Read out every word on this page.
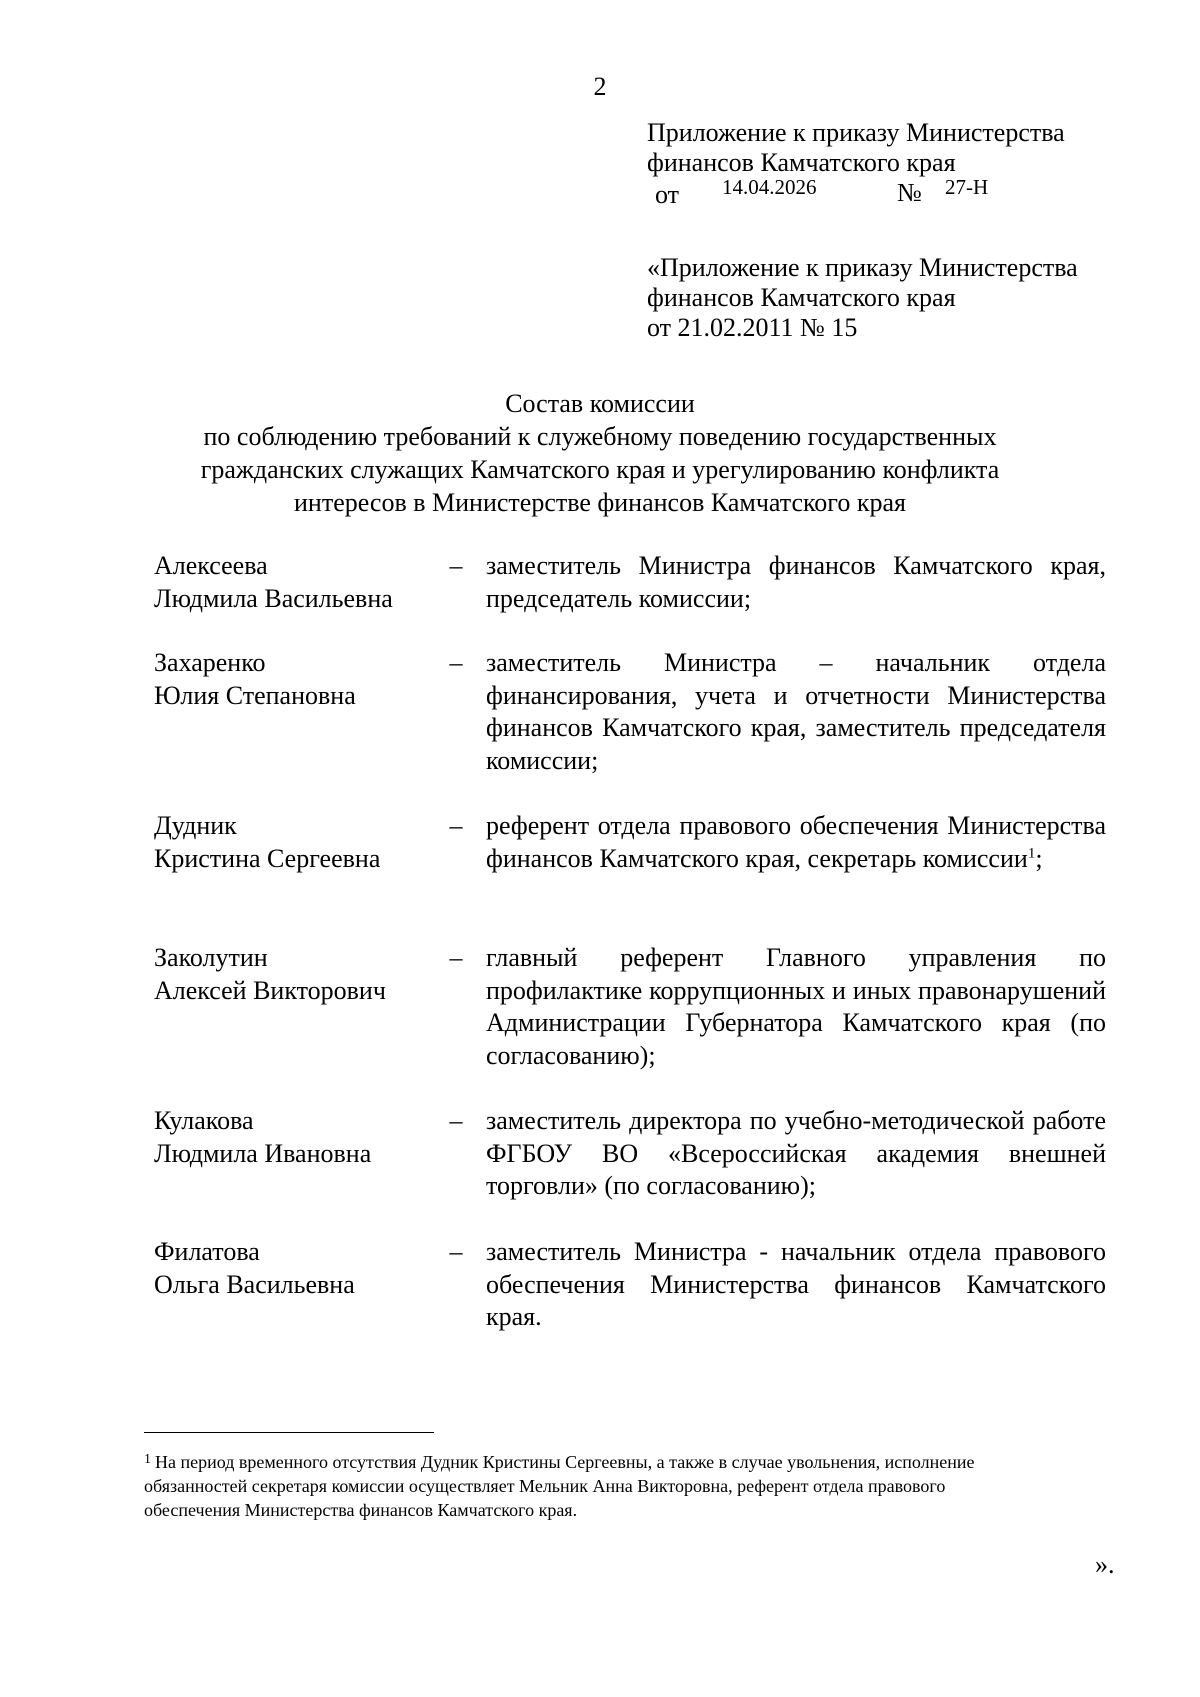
2
Приложение к приказу Министерства
финансов Камчатского края
от 14.04.2026	№ 27-Н
«Приложение к приказу Министерства
финансов Камчатского края
от 21.02.2011 № 15
Состав комиссии
по соблюдению требований к служебному поведению государственных
гражданских служащих Камчатского края и урегулированию конфликта
интересов в Министерстве финансов Камчатского края
Алексеева
Людмила Васильевна
– заместитель Министра финансов Камчатского края, председатель комиссии;
Захаренко
Юлия Степановна
– заместитель Министра – начальник отдела финансирования, учета и отчетности Министерства финансов Камчатского края, заместитель председателя комиссии;
Дудник
Кристина Сергеевна
– референт отдела правового обеспечения Министерства финансов Камчатского края, секретарь комиссии$^1$;
Заколутин
Алексей Викторович
– главный референт Главного управления по профилактике коррупционных и иных правонарушений Администрации Губернатора Камчатского края (по согласованию);
Кулакова
Людмила Ивановна
– заместитель директора по учебно-методической работе ФГБОУ ВО «Всероссийская академия внешней торговли» (по согласованию);
Филатова
Ольга Васильевна
– заместитель Министра - начальник отдела правового обеспечения Министерства финансов Камчатского края.
$^1$ На период временного отсутствия Дудник Кристины Сергеевны, а также в случае увольнения, исполнение
обязанностей секретаря комиссии осуществляет Мельник Анна Викторовна, референт отдела правового
обеспечения Министерства финансов Камчатского края.
».
